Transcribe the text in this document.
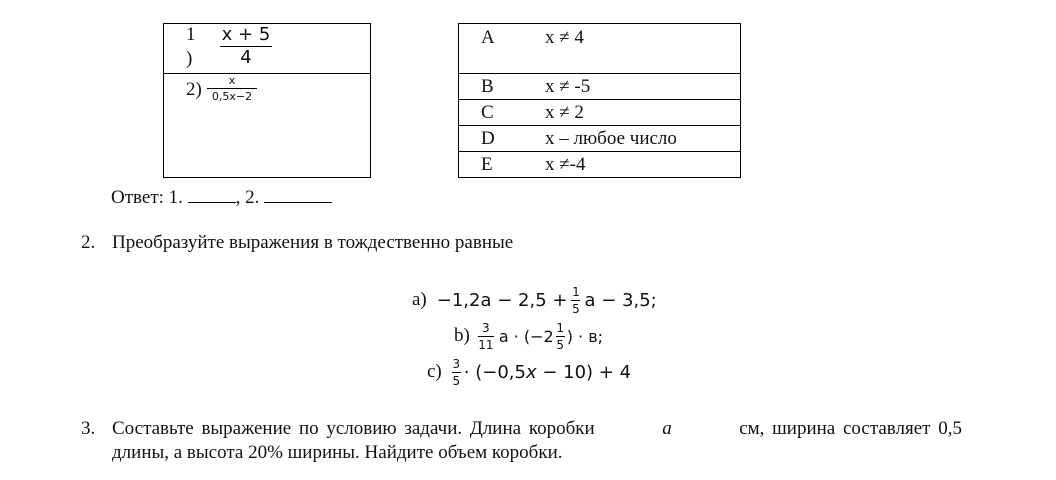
1
)
x + 5
4
2) x
0,5x−2
A	x ≠ 4
B	x ≠ -5
C	x ≠ 2
D	x – любое число
E	x ≠-4
Ответ: 1.	, 2.
2. Преобразуйте выражения в тождественно равные
$a) -1,2a - 2,5 + \frac{1}{5}$ a − 3,5;
$b) \frac{3}{11}$ $a \cdot (-2 \frac{1}{5}$ ) · в;
$c) \frac{3}{5} \cdot (-0,5$ x − 10) + 4
3. Составьте выражение по условию задачи. Длина коробки	a	см, ширина составляет 0,5
длины, а высота 20% ширины. Найдите объем коробки.
